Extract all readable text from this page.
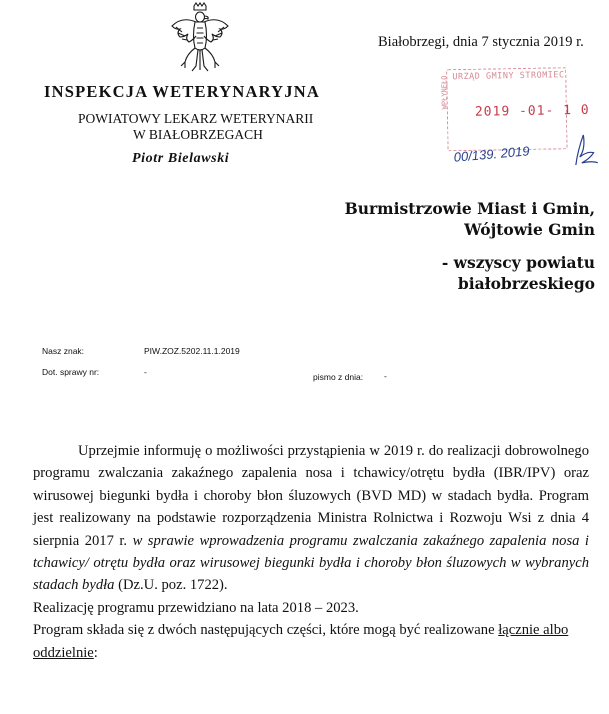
INSPEKCJA WETERYNARYJNA
POWIATOWY LEKARZ WETERYNARII
W BIAŁOBRZEGACH
Piotr Bielawski
Białobrzegi, dnia 7 stycznia 2019 r.
URZĄD GMINY STROMIEC
WPŁYNĘŁO
2019 -01- 1 0
00/139. 2019
Burmistrzowie Miast i Gmin,
Wójtowie Gmin
- wszyscy powiatu
białobrzeskiego
Nasz znak:	PIW.ZOZ.5202.11.1.2019
Dot. sprawy nr:	-	pismo z dnia: -

Uprzejmie informuję o możliwości przystąpienia w 2019 r. do realizacji dobrowolnego programu zwalczania zakaźnego zapalenia nosa i tchawicy/otrętu bydła (IBR/IPV) oraz wirusowej biegunki bydła i choroby błon śluzowych (BVD MD) w stadach bydła. Program jest realizowany na podstawie rozporządzenia Ministra Rolnictwa i Rozwoju Wsi z dnia 4 sierpnia 2017 r. w sprawie wprowadzenia programu zwalczania zakaźnego zapalenia nosa i tchawicy/ otrętu bydła oraz wirusowej biegunki bydła i choroby błon śluzowych w wybranych stadach bydła (Dz.U. poz. 1722).

Realizację programu przewidziano na lata 2018 – 2023.

Program składa się z dwóch następujących części, które mogą być realizowane łącznie albo oddzielnie:
